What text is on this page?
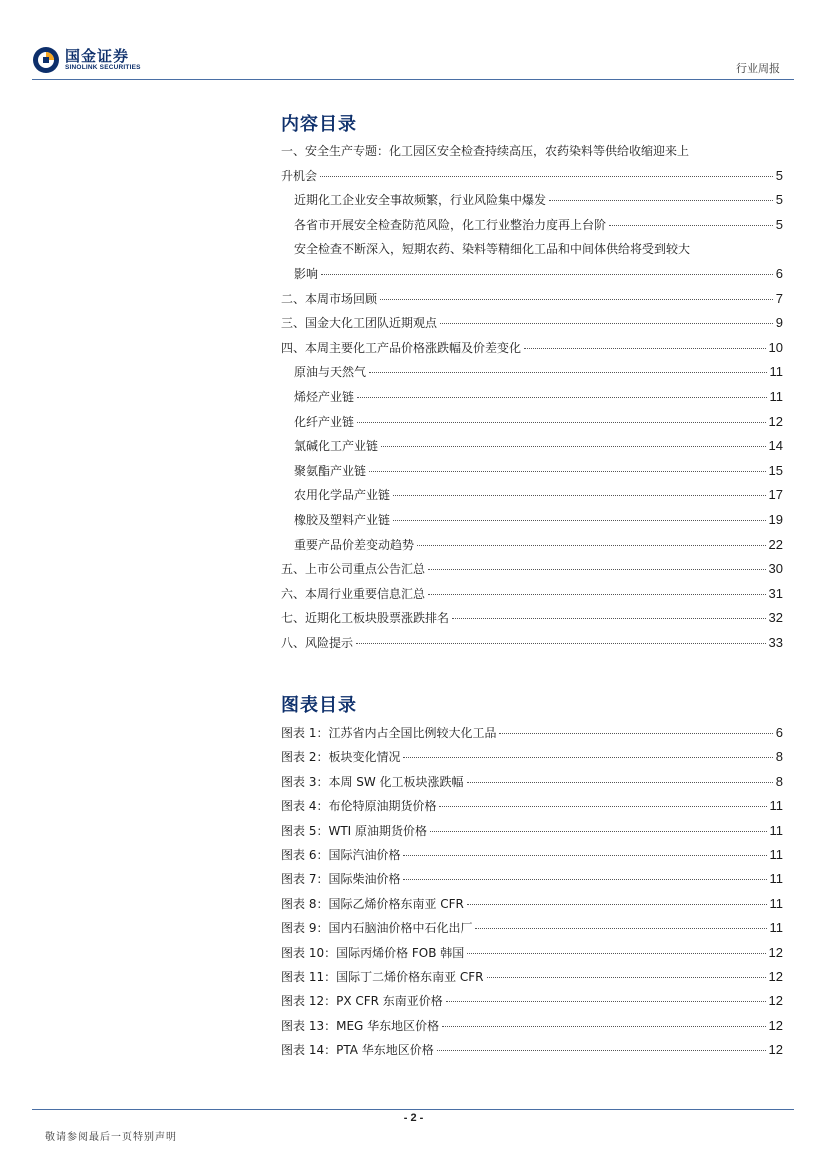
国金证券
SINOLINK SECURITIES	行业周报
内容目录
一、安全生产专题：化工园区安全检查持续高压，农药染料等供给收缩迎来上
升机会	5
近期化工企业安全事故频繁，行业风险集中爆发	5
各省市开展安全检查防范风险，化工行业整治力度再上台阶	5
安全检查不断深入，短期农药、染料等精细化工品和中间体供给将受到较大
影响	6
二、本周市场回顾	7
三、国金大化工团队近期观点	9
四、本周主要化工产品价格涨跌幅及价差变化	10
原油与天然气	11
烯烃产业链	11
化纤产业链	12
氯碱化工产业链	14
聚氨酯产业链	15
农用化学品产业链	17
橡胶及塑料产业链	19
重要产品价差变动趋势	22
五、上市公司重点公告汇总	30
六、本周行业重要信息汇总	31
七、近期化工板块股票涨跌排名	32
八、风险提示	33
图表目录
图表 1：江苏省内占全国比例较大化工品	6
图表 2：板块变化情况	8
图表 3：本周 SW 化工板块涨跌幅	8
图表 4：布伦特原油期货价格	11
图表 5：WTI 原油期货价格	11
图表 6：国际汽油价格	11
图表 7：国际柴油价格	11
图表 8：国际乙烯价格东南亚 CFR	11
图表 9：国内石脑油价格中石化出厂	11
图表 10：国际丙烯价格 FOB 韩国	12
图表 11：国际丁二烯价格东南亚 CFR	12
图表 12：PX CFR 东南亚价格	12
图表 13：MEG 华东地区价格	12
图表 14：PTA 华东地区价格	12
- 2 -
敬请参阅最后一页特别声明
